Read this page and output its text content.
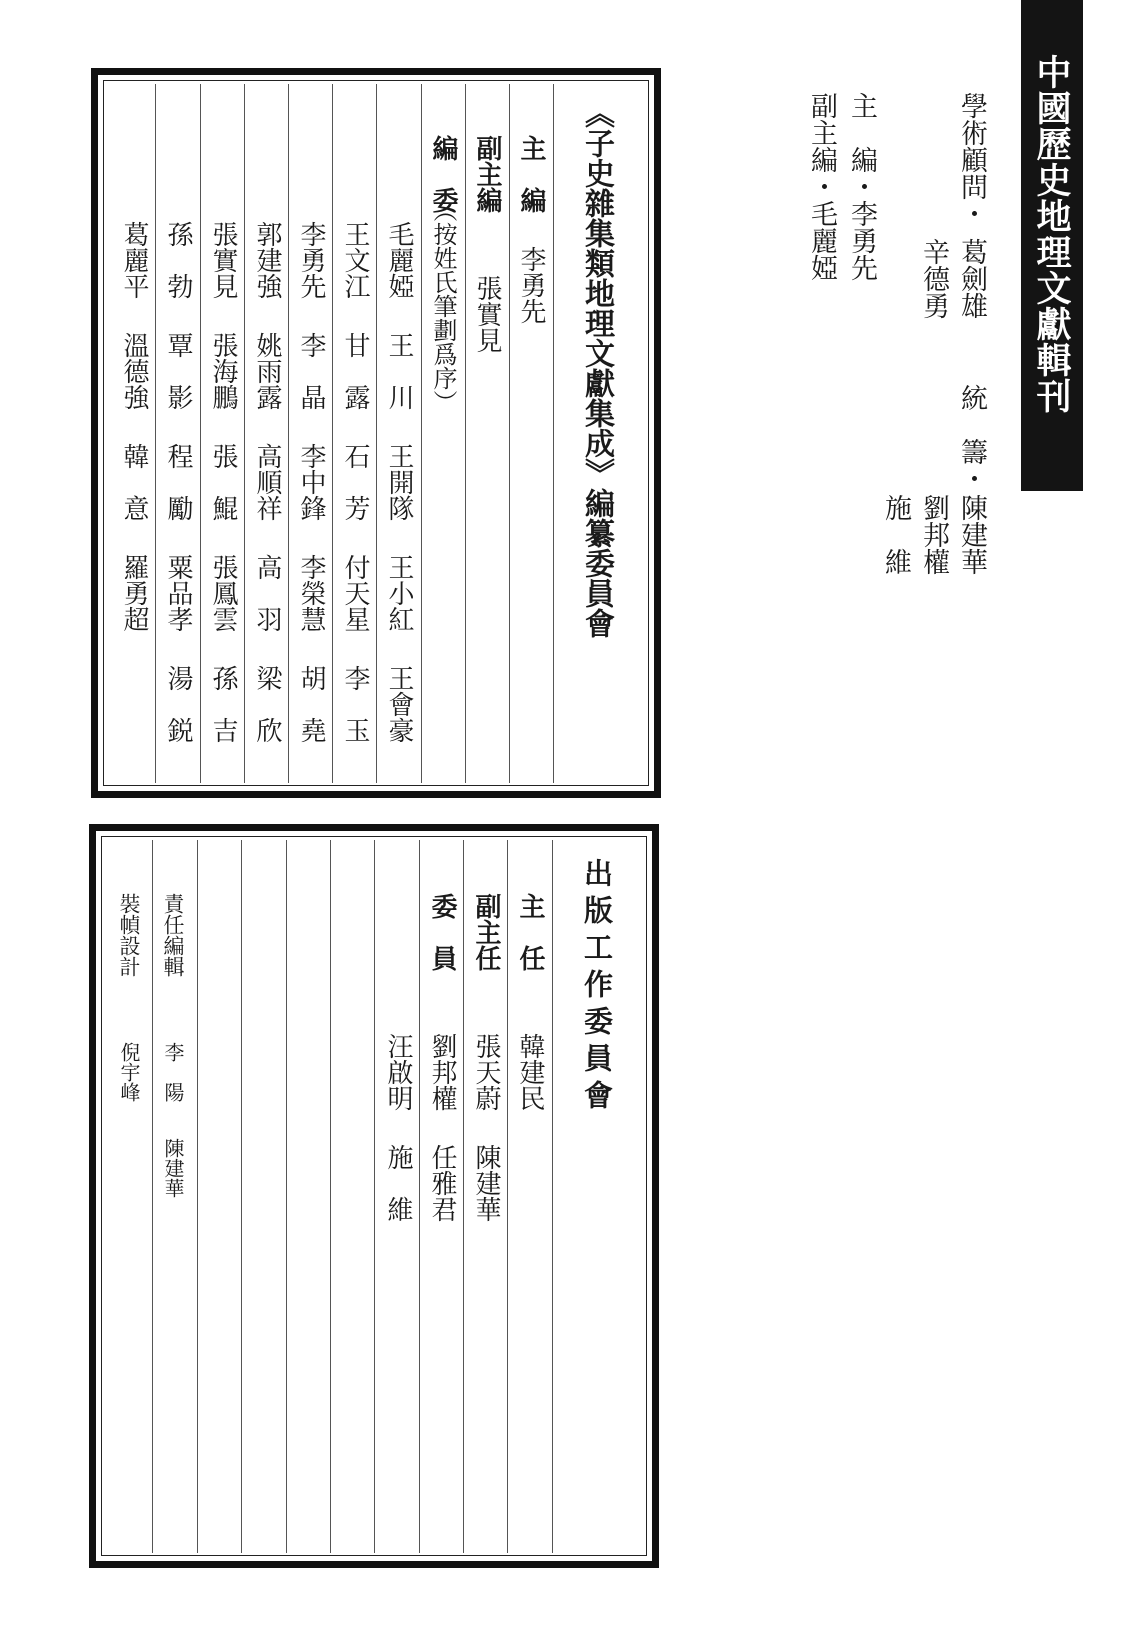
中國歷史地理文獻輯刊
學術顧問・
葛劍雄
辛德勇
統　籌・
陳建華
劉邦權
施　維
主　編・李勇先
副主編・毛麗婭
《子史雜集類地理文獻集成》編纂委員會
主　編
李勇先
副主編
張實見
編　委
（按姓氏筆劃爲序）
毛麗婭
王　川
王開隊
王小紅
王會豪
王文江
甘　露
石　芳
付天星
李　玉
李勇先
李　晶
李中鋒
李榮慧
胡　堯
郭建強
姚雨露
高順祥
高　羽
梁　欣
張實見
張海鵬
張　鯤
張鳳雲
孫　吉
孫　勃
覃　影
程　勵
粟品孝
湯　鋭
葛麗平
溫德強
韓　意
羅勇超
出版工作委員會
主　任
韓建民
副主任
張天蔚
陳建華
委　員
劉邦權
任雅君
汪啟明
施　維
責任編輯
李　陽
陳建華
裝幀設計
倪宇峰
